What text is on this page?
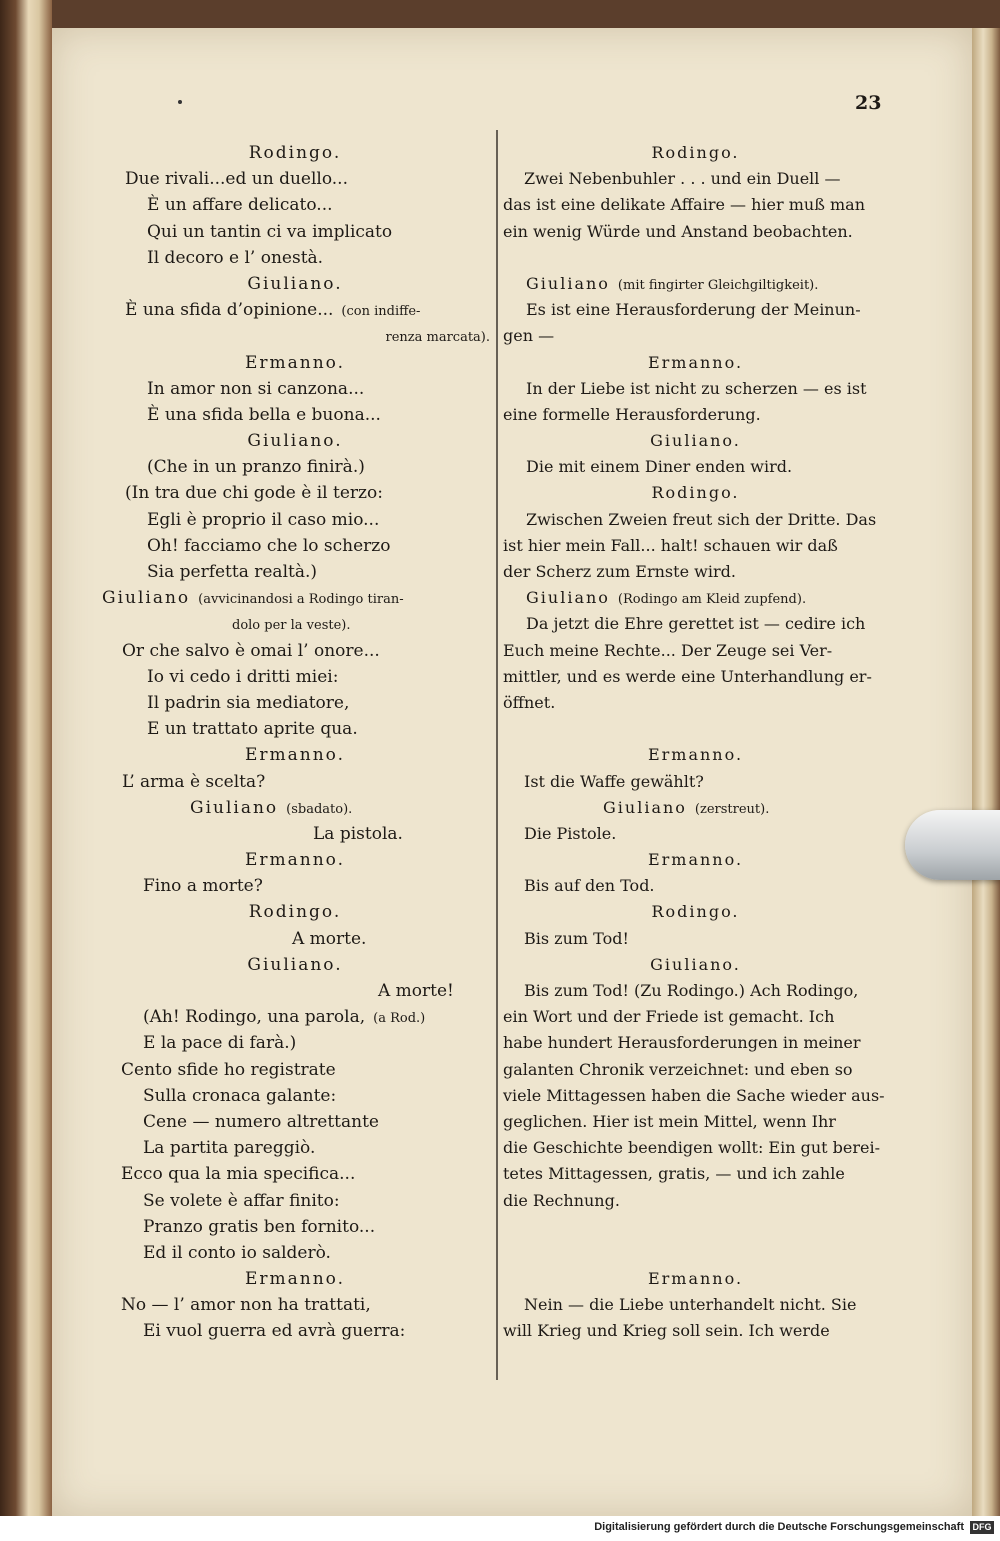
23
Rodingo.
Due rivali...ed un duello...
È un affare delicato...
Qui un tantin ci va implicato
Il decoro e l’ onestà.
Giuliano.
È una sfida d’opinione... (con indiffe-
renza marcata).
Ermanno.
In amor non si canzona...
È una sfida bella e buona...
Giuliano.
(Che in un pranzo finirà.)
(In tra due chi gode è il terzo:
Egli è proprio il caso mio...
Oh! facciamo che lo scherzo
Sia perfetta realtà.)
Giuliano (avvicinandosi a Rodingo tiran-
dolo per la veste).
Or che salvo è omai l’ onore...
Io vi cedo i dritti miei:
Il padrin sia mediatore,
E un trattato aprite qua.
Ermanno.
L’ arma è scelta?
Giuliano (sbadato).
La pistola.
Ermanno.
Fino a morte?
Rodingo.
A morte.
Giuliano.
A morte!
(Ah! Rodingo, una parola, (a Rod.)
E la pace di farà.)
Cento sfide ho registrate
Sulla cronaca galante:
Cene — numero altrettante
La partita pareggiò.
Ecco qua la mia specifica...
Se volete è affar finito:
Pranzo gratis ben fornito...
Ed il conto io salderò.
Ermanno.
No — l’ amor non ha trattati,
Ei vuol guerra ed avrà guerra:
Rodingo.
Zwei Nebenbuhler . . . und ein Duell —
das ist eine delikate Affaire — hier muß man
ein wenig Würde und Anstand beobachten.
Giuliano (mit fingirter Gleichgiltigkeit).
Es ist eine Herausforderung der Meinun-
gen —
Ermanno.
In der Liebe ist nicht zu scherzen — es ist
eine formelle Herausforderung.
Giuliano.
Die mit einem Diner enden wird.
Rodingo.
Zwischen Zweien freut sich der Dritte. Das
ist hier mein Fall... halt! schauen wir daß
der Scherz zum Ernste wird.
Giuliano (Rodingo am Kleid zupfend).
Da jetzt die Ehre gerettet ist — cedire ich
Euch meine Rechte... Der Zeuge sei Ver-
mittler, und es werde eine Unterhandlung er-
öffnet.
Ermanno.
Ist die Waffe gewählt?
Giuliano (zerstreut).
Die Pistole.
Ermanno.
Bis auf den Tod.
Rodingo.
Bis zum Tod!
Giuliano.
Bis zum Tod! (Zu Rodingo.) Ach Rodingo,
ein Wort und der Friede ist gemacht. Ich
habe hundert Herausforderungen in meiner
galanten Chronik verzeichnet: und eben so
viele Mittagessen haben die Sache wieder aus-
geglichen. Hier ist mein Mittel, wenn Ihr
die Geschichte beendigen wollt: Ein gut berei-
tetes Mittagessen, gratis, — und ich zahle
die Rechnung.
Ermanno.
Nein — die Liebe unterhandelt nicht. Sie
will Krieg und Krieg soll sein. Ich werde
Digitalisierung gefördert durch die Deutsche Forschungsgemeinschaft DFG
